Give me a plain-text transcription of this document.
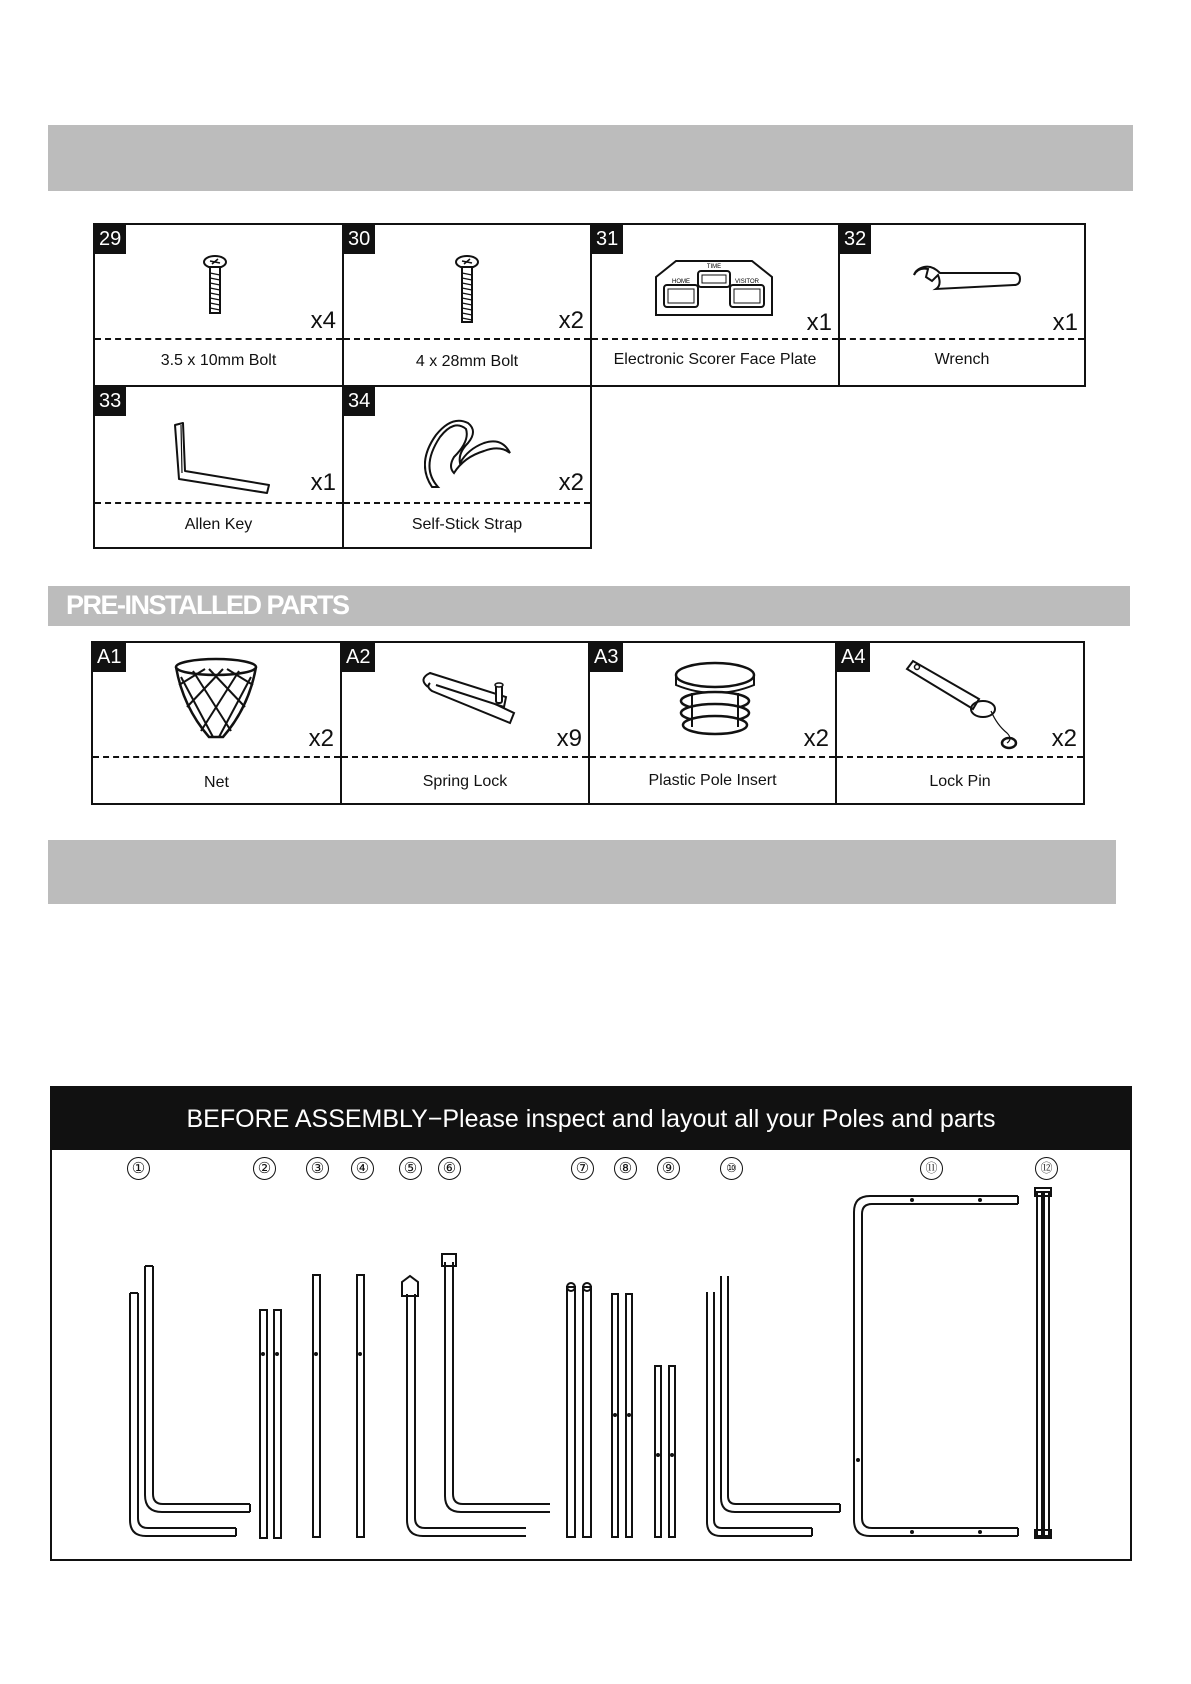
29
x4
3.5 x 10mm Bolt
30
x2
4 x 28mm Bolt
31
TIME
HOME	VISITOR
x1
Electronic Scorer Face Plate
32
x1
Wrench
33
x1
Allen Key
34
x2
Self-Stick Strap
PRE-INSTALLED PARTS
A1
x2
Net
A2
x9
Spring Lock
A3
x2
Plastic Pole Insert
A4
x2
Lock Pin
BEFORE ASSEMBLY−Please inspect and layout all your Poles and parts
①	②	③	④	⑤	⑥	⑦	⑧	⑨	⑩	⑪	⑫
